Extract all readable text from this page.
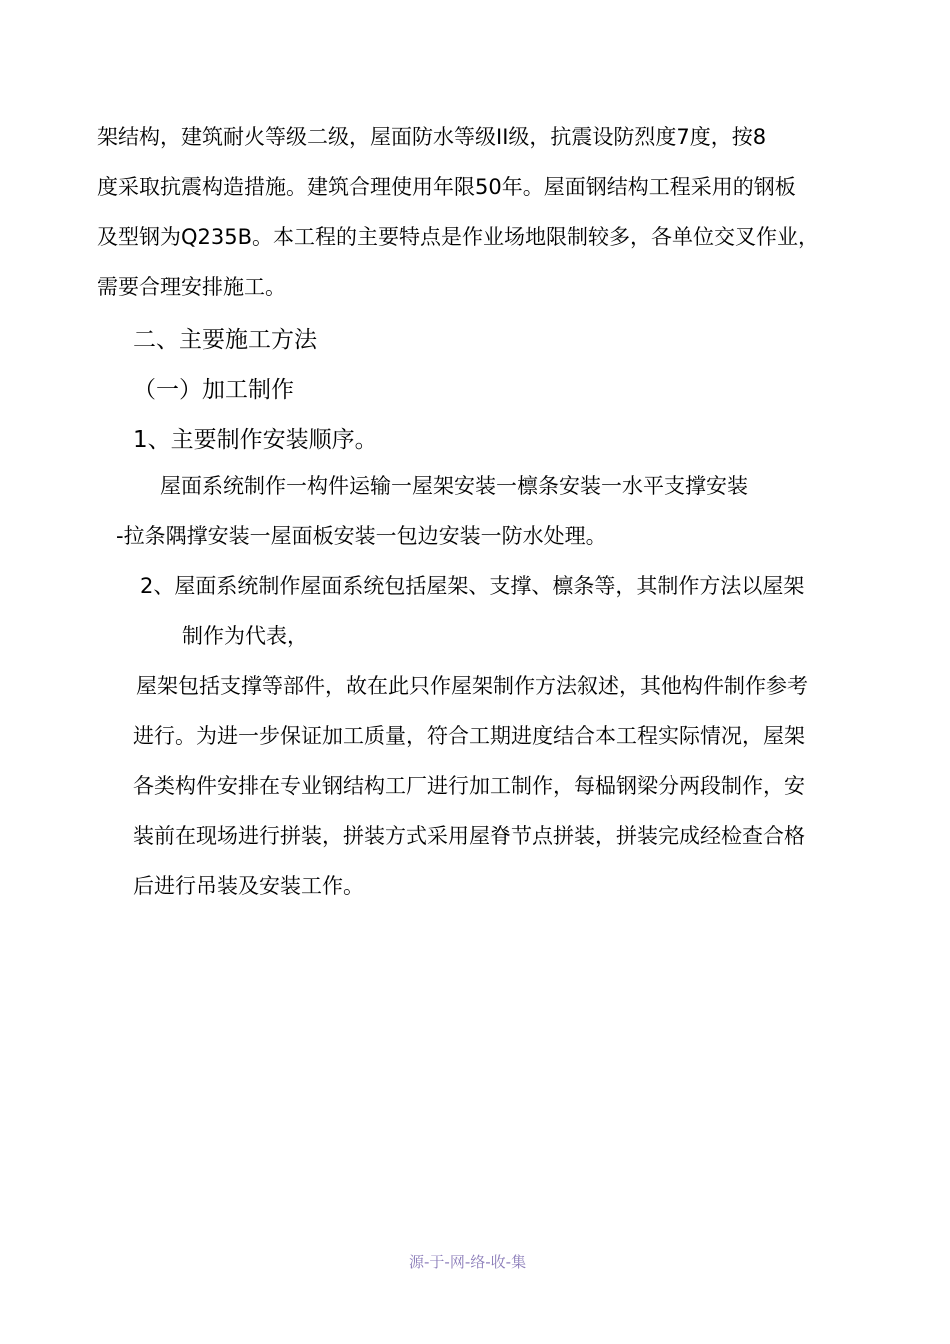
架结构，建筑耐火等级二级，屋面防水等级II级，抗震设防烈度7度，按8
度采取抗震构造措施。建筑合理使用年限50年。屋面钢结构工程采用的钢板
及型钢为Q235B。本工程的主要特点是作业场地限制较多，各单位交叉作业，
需要合理安排施工。
二、主要施工方法
（一）加工制作
1、主要制作安装顺序。
屋面系统制作一构件运输一屋架安装一檩条安装一水平支撑安装
-拉条隅撑安装一屋面板安装一包边安装一防水处理。
2、屋面系统制作屋面系统包括屋架、支撑、檩条等，其制作方法以屋架
制作为代表，
屋架包括支撑等部件，故在此只作屋架制作方法叙述，其他构件制作参考
进行。为进一步保证加工质量，符合工期进度结合本工程实际情况，屋架
各类构件安排在专业钢结构工厂进行加工制作，每榀钢梁分两段制作，安
装前在现场进行拼装，拼装方式采用屋脊节点拼装，拼装完成经检查合格
后进行吊装及安装工作。
源-于-网-络-收-集
